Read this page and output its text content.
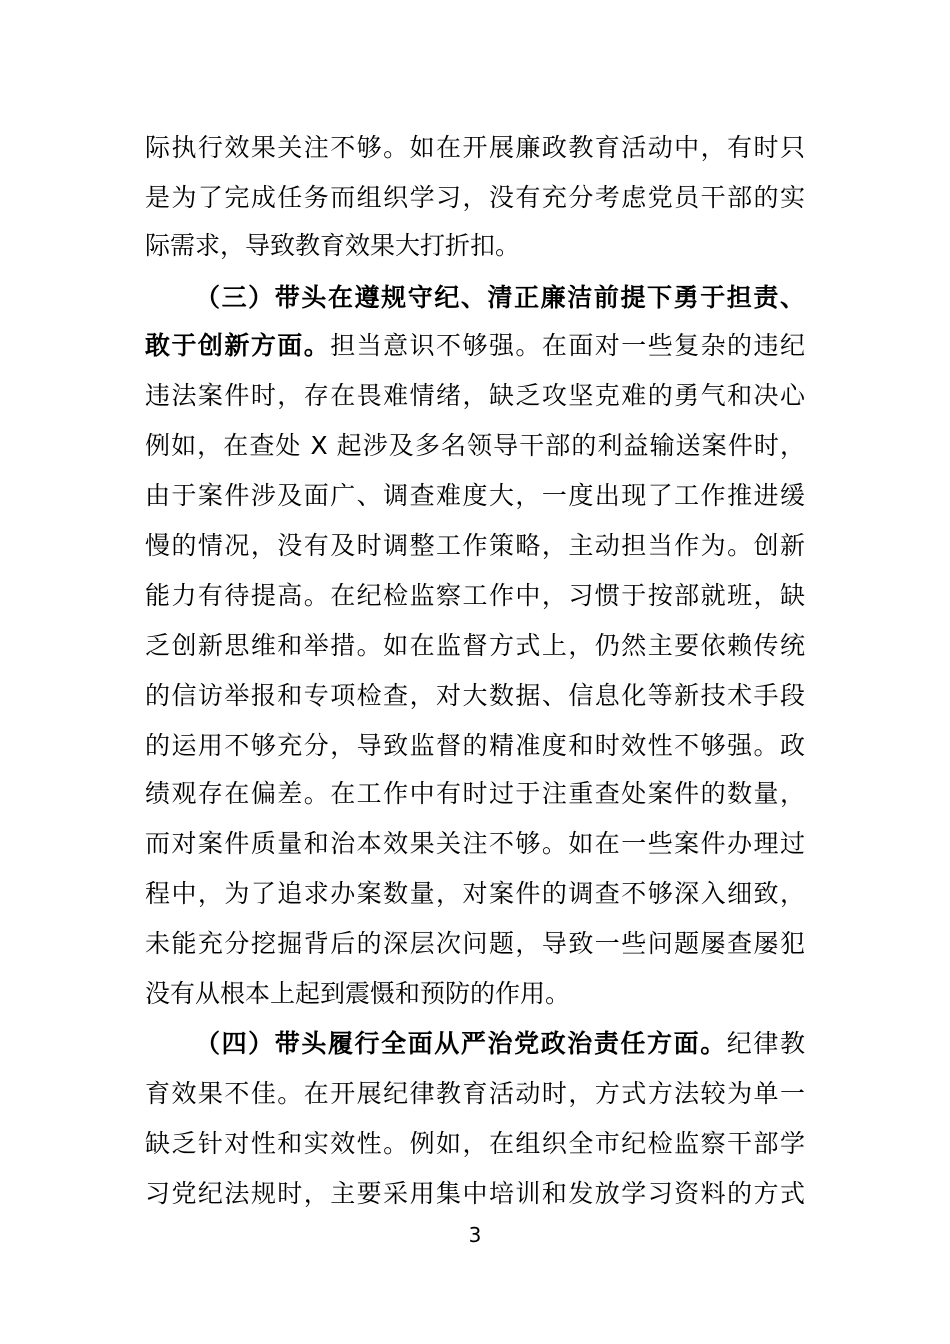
际执行效果关注不够。如在开展廉政教育活动中，有时只
是为了完成任务而组织学习，没有充分考虑党员干部的实
际需求，导致教育效果大打折扣。
（三）带头在遵规守纪、清正廉洁前提下勇于担责、
敢于创新方面。担当意识不够强。在面对一些复杂的违纪
违法案件时，存在畏难情绪，缺乏攻坚克难的勇气和决心
例如，在查处 X 起涉及多名领导干部的利益输送案件时，
由于案件涉及面广、调查难度大，一度出现了工作推进缓
慢的情况，没有及时调整工作策略，主动担当作为。创新
能力有待提高。在纪检监察工作中，习惯于按部就班，缺
乏创新思维和举措。如在监督方式上，仍然主要依赖传统
的信访举报和专项检查，对大数据、信息化等新技术手段
的运用不够充分，导致监督的精准度和时效性不够强。政
绩观存在偏差。在工作中有时过于注重查处案件的数量，
而对案件质量和治本效果关注不够。如在一些案件办理过
程中，为了追求办案数量，对案件的调查不够深入细致，
未能充分挖掘背后的深层次问题，导致一些问题屡查屡犯
没有从根本上起到震慑和预防的作用。
（四）带头履行全面从严治党政治责任方面。纪律教
育效果不佳。在开展纪律教育活动时，方式方法较为单一
缺乏针对性和实效性。例如，在组织全市纪检监察干部学
习党纪法规时，主要采用集中培训和发放学习资料的方式
3
